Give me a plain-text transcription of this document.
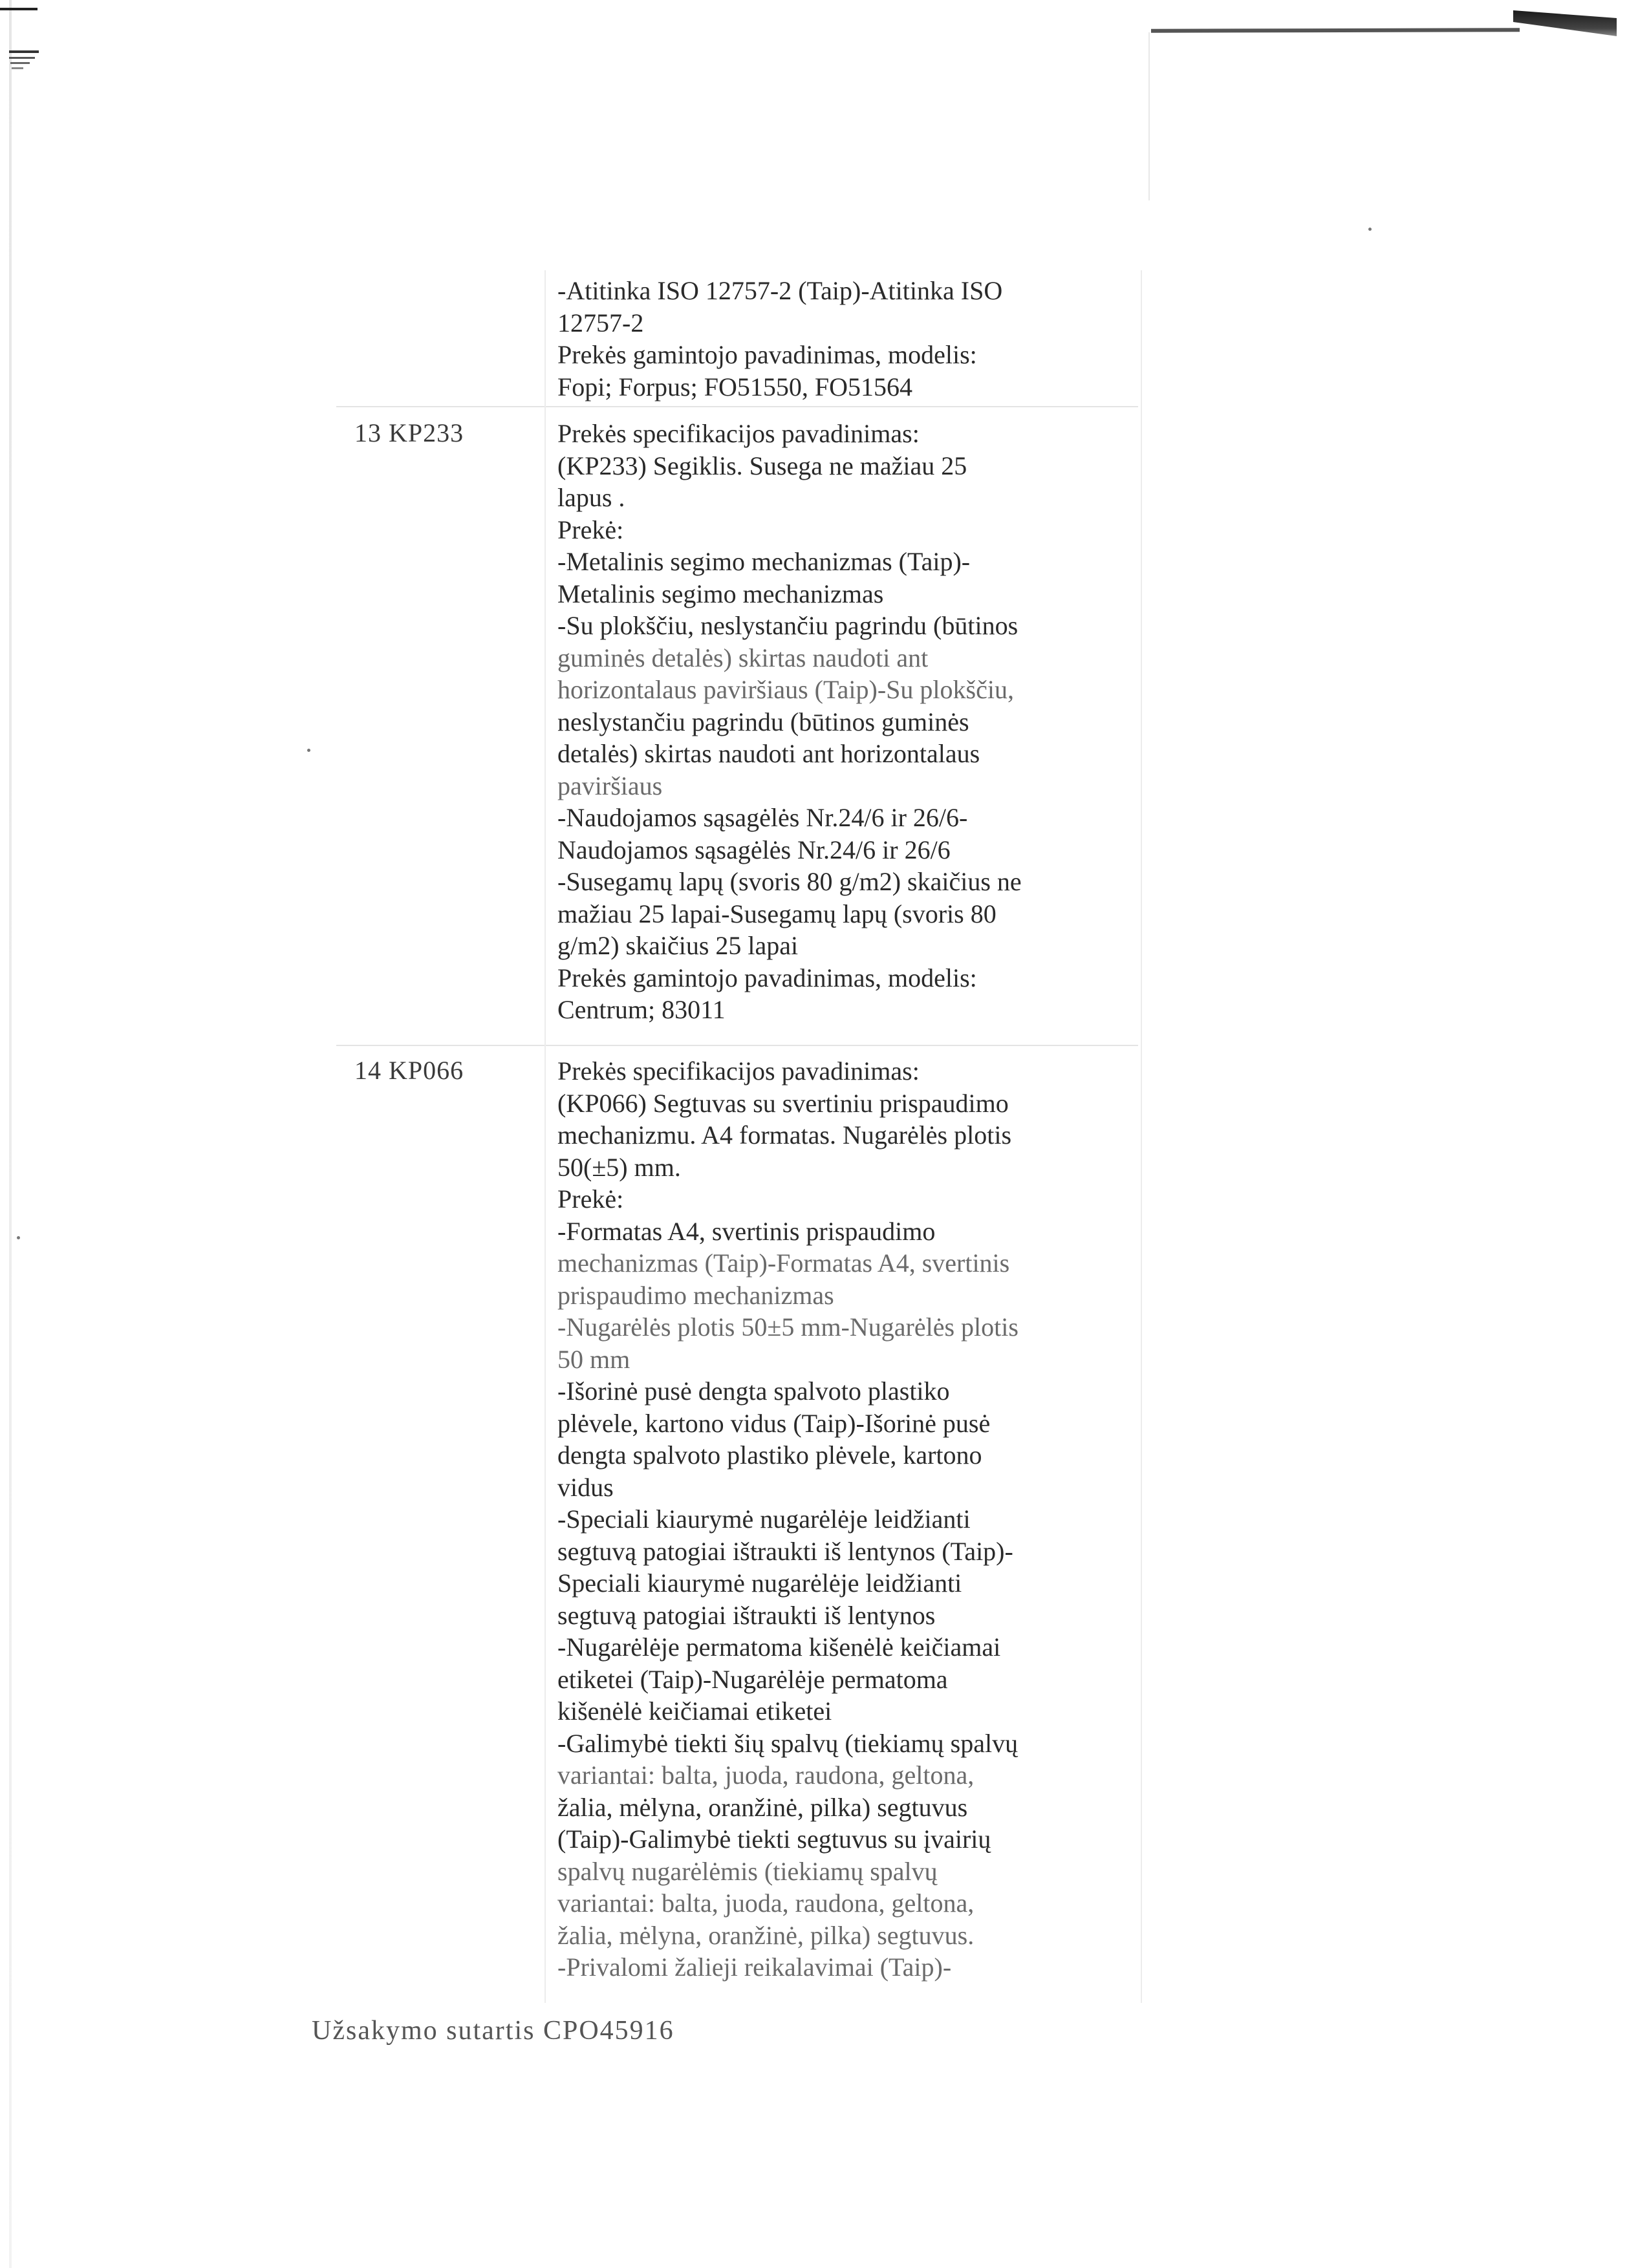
-Atitinka ISO 12757-2 (Taip)-Atitinka ISO
12757-2
Prekės gamintojo pavadinimas, modelis:
Fopi; Forpus; FO51550, FO51564
13 KP233	Prekės specifikacijos pavadinimas:
(KP233) Segiklis. Susega ne mažiau 25
lapus .
Prekė:
-Metalinis segimo mechanizmas (Taip)-
Metalinis segimo mechanizmas
-Su plokščiu, neslystančiu pagrindu (būtinos
guminės detalės) skirtas naudoti ant
horizontalaus paviršiaus (Taip)-Su plokščiu,
neslystančiu pagrindu (būtinos guminės
detalės) skirtas naudoti ant horizontalaus
paviršiaus
-Naudojamos sąsagėlės Nr.24/6 ir 26/6-
Naudojamos sąsagėlės Nr.24/6 ir 26/6
-Susegamų lapų (svoris 80 g/m2) skaičius ne
mažiau 25 lapai-Susegamų lapų (svoris 80
g/m2) skaičius 25 lapai
Prekės gamintojo pavadinimas, modelis:
Centrum; 83011
14 KP066	Prekės specifikacijos pavadinimas:
(KP066) Segtuvas su svertiniu prispaudimo
mechanizmu. A4 formatas. Nugarėlės plotis
50(±5) mm.
Prekė:
-Formatas A4, svertinis prispaudimo
mechanizmas (Taip)-Formatas A4, svertinis
prispaudimo mechanizmas
-Nugarėlės plotis 50±5 mm-Nugarėlės plotis
50 mm
-Išorinė pusė dengta spalvoto plastiko
plėvele, kartono vidus (Taip)-Išorinė pusė
dengta spalvoto plastiko plėvele, kartono
vidus
-Speciali kiaurymė nugarėlėje leidžianti
segtuvą patogiai ištraukti iš lentynos (Taip)-
Speciali kiaurymė nugarėlėje leidžianti
segtuvą patogiai ištraukti iš lentynos
-Nugarėlėje permatoma kišenėlė keičiamai
etiketei (Taip)-Nugarėlėje permatoma
kišenėlė keičiamai etiketei
-Galimybė tiekti šių spalvų (tiekiamų spalvų
variantai: balta, juoda, raudona, geltona,
žalia, mėlyna, oranžinė, pilka) segtuvus
(Taip)-Galimybė tiekti segtuvus su įvairių
spalvų nugarėlėmis (tiekiamų spalvų
variantai: balta, juoda, raudona, geltona,
žalia, mėlyna, oranžinė, pilka) segtuvus.
-Privalomi žalieji reikalavimai (Taip)-
Užsakymo sutartis CPO45916
